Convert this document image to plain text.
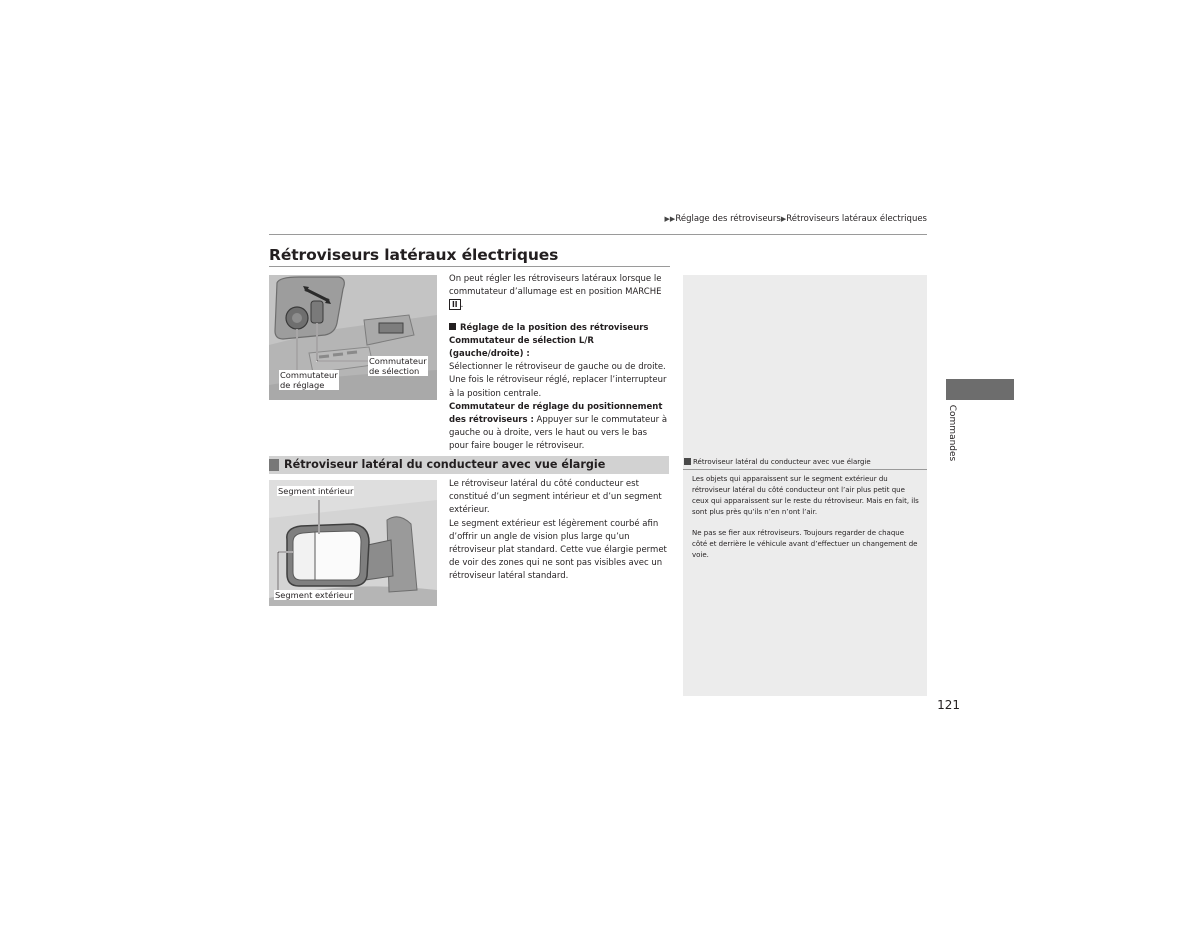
▶▶Réglage des rétroviseurs▶Rétroviseurs latéraux électriques
Rétroviseurs latéraux électriques
Commutateur
de réglage
Commutateur
de sélection
On peut régler les rétroviseurs latéraux lorsque le commutateur d’allumage est en position MARCHE
II .
Réglage de la position des rétroviseurs
Commutateur de sélection L/R (gauche/droite) :
Sélectionner le rétroviseur de gauche ou de droite. Une fois le rétroviseur réglé, replacer l’interrupteur à la position centrale.
Commutateur de réglage du positionnement des rétroviseurs : Appuyer sur le commutateur à gauche ou à droite, vers le haut ou vers le bas pour faire bouger le rétroviseur.
Rétroviseur latéral du conducteur avec vue élargie
Segment intérieur
Segment extérieur
Le rétroviseur latéral du côté conducteur est constitué d’un segment intérieur et d’un segment extérieur.
Le segment extérieur est légèrement courbé afin d’offrir un angle de vision plus large qu’un rétroviseur plat standard. Cette vue élargie permet de voir des zones qui ne sont pas visibles avec un rétroviseur latéral standard.
Rétroviseur latéral du conducteur avec vue élargie
Les objets qui apparaissent sur le segment extérieur du rétroviseur latéral du côté conducteur ont l’air plus petit que ceux qui apparaissent sur le reste du rétroviseur. Mais en fait, ils sont plus près qu’ils n’en n’ont l’air.
Ne pas se fier aux rétroviseurs. Toujours regarder de chaque côté et derrière le véhicule avant d’effectuer un changement de voie.
Commandes
121
